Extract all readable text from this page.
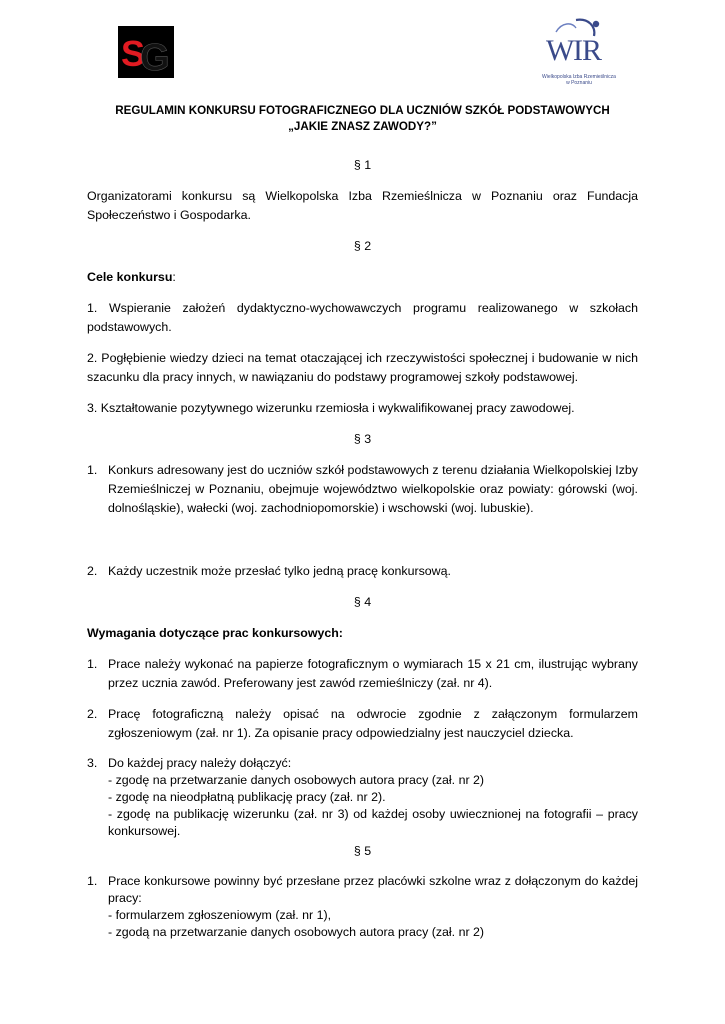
S
G	W
I R
Wielkopolska Izba Rzemieślnicza w Poznaniu

REGULAMIN KONKURSU FOTOGRAFICZNEGO DLA UCZNIÓW SZKÓŁ PODSTAWOWYCH

„JAKIE ZNASZ ZAWODY?”

§ 1

Organizatorami konkursu są Wielkopolska Izba Rzemieślnicza w Poznaniu oraz Fundacja Społeczeństwo i Gospodarka.

§ 2

Cele konkursu:

1. Wspieranie założeń dydaktyczno-wychowawczych programu realizowanego w szkołach podstawowych.

2. Pogłębienie wiedzy dzieci na temat otaczającej ich rzeczywistości społecznej i budowanie w nich szacunku dla pracy innych, w nawiązaniu do podstawy programowej szkoły podstawowej.

3. Kształtowanie pozytywnego wizerunku rzemiosła i wykwalifikowanej pracy zawodowej.

§ 3

1. Konkurs adresowany jest do uczniów szkół podstawowych z terenu działania Wielkopolskiej Izby Rzemieślniczej w Poznaniu, obejmuje województwo wielkopolskie oraz powiaty: górowski (woj. dolnośląskie), wałecki (woj. zachodniopomorskie) i wschowski (woj. lubuskie).
2. Każdy uczestnik może przesłać tylko jedną pracę konkursową.

§ 4

Wymagania dotyczące prac konkursowych:

1. Prace należy wykonać na papierze fotograficznym o wymiarach 15 x 21 cm, ilustrując wybrany przez ucznia zawód. Preferowany jest zawód rzemieślniczy (zał. nr 4).
2. Pracę fotograficzną należy opisać na odwrocie zgodnie z załączonym formularzem zgłoszeniowym (zał. nr 1). Za opisanie pracy odpowiedzialny jest nauczyciel dziecka.
3. Do każdej pracy należy dołączyć:
- zgodę na przetwarzanie danych osobowych autora pracy (zał. nr 2)
- zgodę na nieodpłatną publikację pracy (zał. nr 2).
- zgodę na publikację wizerunku (zał. nr 3) od każdej osoby uwiecznionej na fotografii – pracy konkursowej.

§ 5

1. Prace konkursowe powinny być przesłane przez placówki szkolne wraz z dołączonym do każdej pracy:
- formularzem zgłoszeniowym (zał. nr 1),
- zgodą na przetwarzanie danych osobowych autora pracy (zał. nr 2)
